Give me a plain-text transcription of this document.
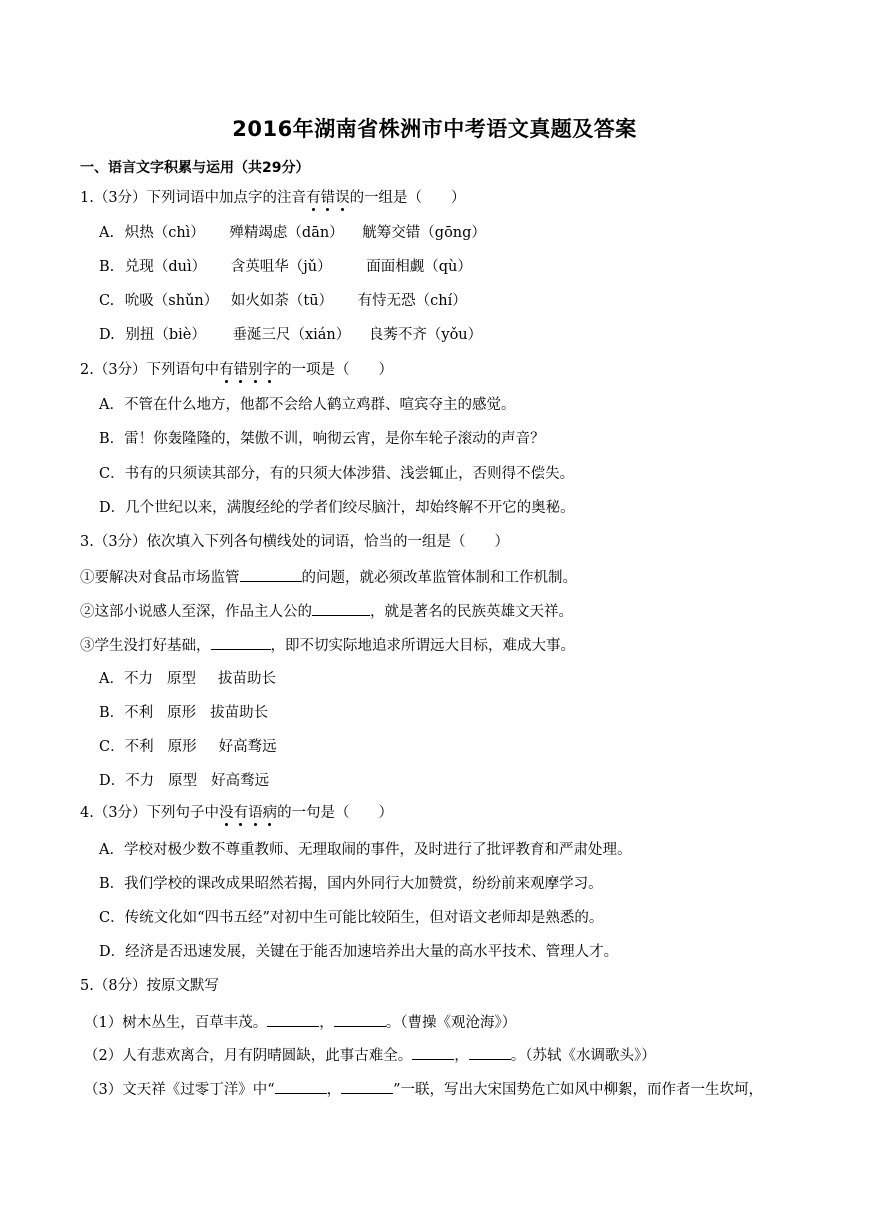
2016年湖南省株洲市中考语文真题及答案
一、语言文字积累与运用（共29分）
1.（3分）下列词语中加点字的注音有错误的一组是（　　）
A. 炽热（chì） 殚精竭虑（dān） 觥筹交错（gōng）
B. 兑现（duì） 含英咀华（jǔ） 面面相觑（qù）
C. 吮吸（shǔn） 如火如荼（tū） 有恃无恐（chí）
D. 别扭（biè） 垂涎三尺（xián） 良莠不齐（yǒu）
2.（3分）下列语句中有错别字的一项是（　　）
A．不管在什么地方，他都不会给人鹤立鸡群、喧宾夺主的感觉。
B．雷！你轰隆隆的，桀傲不训，响彻云宵，是你车轮子滚动的声音？
C．书有的只须读其部分，有的只须大体涉猎、浅尝辄止，否则得不偿失。
D．几个世纪以来，满腹经纶的学者们绞尽脑汁，却始终解不开它的奥秘。
3.（3分）依次填入下列各句横线处的词语，恰当的一组是（　　）
①要解决对食品市场监管	的问题，就必须改革监管体制和工作机制。
②这部小说感人至深，作品主人公的	，就是著名的民族英雄文天祥。
③学生没打好基础，	，即不切实际地追求所谓远大目标，难成大事。
A．不力 原型 拔苗助长
B．不利 原形 拔苗助长
C．不利 原形 好高骛远
D．不力 原型 好高骛远
4.（3分）下列句子中没有语病的一句是（　　）
A．学校对极少数不尊重教师、无理取闹的事件，及时进行了批评教育和严肃处理。
B．我们学校的课改成果昭然若揭，国内外同行大加赞赏，纷纷前来观摩学习。
C．传统文化如“四书五经”对初中生可能比较陌生，但对语文老师却是熟悉的。
D．经济是否迅速发展，关键在于能否加速培养出大量的高水平技术、管理人才。
5.（8分）按原文默写
（1）树木丛生，百草丰茂。	，	。（曹操《观沧海》）
（2）人有悲欢离合，月有阴晴圆缺，此事古难全。	，	。（苏轼《水调歌头》）
（3）文天祥《过零丁洋》中“	，	”一联，写出大宋国势危亡如风中柳絮，而作者一生坎坷，
